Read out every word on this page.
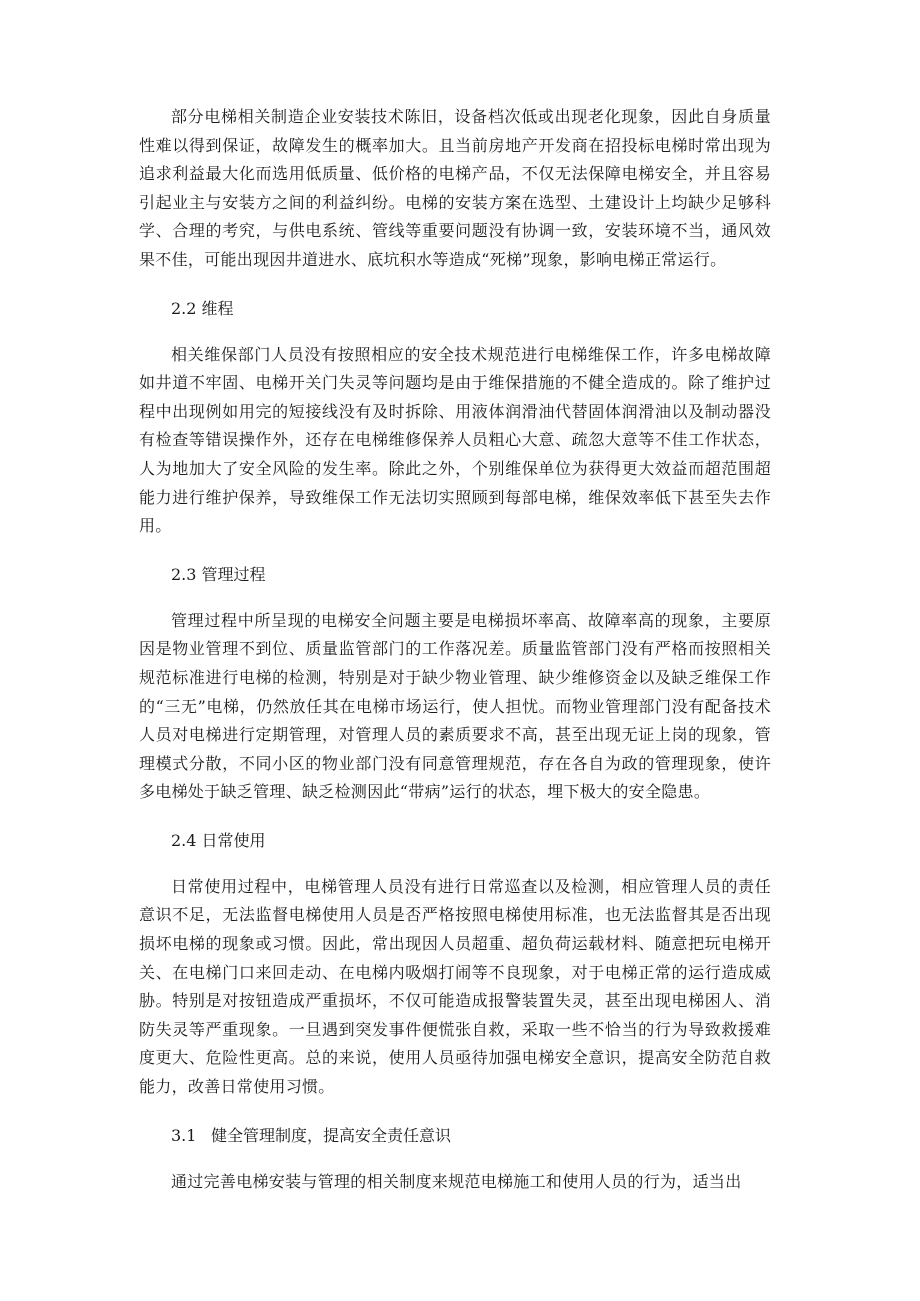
部分电梯相关制造企业安装技术陈旧，设备档次低或出现老化现象，因此自身质量性难以得到保证，故障发生的概率加大。且当前房地产开发商在招投标电梯时常出现为追求利益最大化而选用低质量、低价格的电梯产品，不仅无法保障电梯安全，并且容易引起业主与安装方之间的利益纠纷。电梯的安装方案在选型、土建设计上均缺少足够科学、合理的考究，与供电系统、管线等重要问题没有协调一致，安装环境不当，通风效果不佳，可能出现因井道进水、底坑积水等造成“死梯”现象，影响电梯正常运行。

2.2 维程

相关维保部门人员没有按照相应的安全技术规范进行电梯维保工作，许多电梯故障如井道不牢固、电梯开关门失灵等问题均是由于维保措施的不健全造成的。除了维护过程中出现例如用完的短接线没有及时拆除、用液体润滑油代替固体润滑油以及制动器没有检查等错误操作外，还存在电梯维修保养人员粗心大意、疏忽大意等不佳工作状态，人为地加大了安全风险的发生率。除此之外，个别维保单位为获得更大效益而超范围超能力进行维护保养，导致维保工作无法切实照顾到每部电梯，维保效率低下甚至失去作用。

2.3 管理过程

管理过程中所呈现的电梯安全问题主要是电梯损坏率高、故障率高的现象，主要原因是物业管理不到位、质量监管部门的工作落况差。质量监管部门没有严格而按照相关规范标准进行电梯的检测，特别是对于缺少物业管理、缺少维修资金以及缺乏维保工作的“三无”电梯，仍然放任其在电梯市场运行，使人担忧。而物业管理部门没有配备技术人员对电梯进行定期管理，对管理人员的素质要求不高，甚至出现无证上岗的现象，管理模式分散，不同小区的物业部门没有同意管理规范，存在各自为政的管理现象，使许多电梯处于缺乏管理、缺乏检测因此“带病”运行的状态，埋下极大的安全隐患。

2.4 日常使用

日常使用过程中，电梯管理人员没有进行日常巡查以及检测，相应管理人员的责任意识不足，无法监督电梯使用人员是否严格按照电梯使用标准，也无法监督其是否出现损坏电梯的现象或习惯。因此，常出现因人员超重、超负荷运载材料、随意把玩电梯开关、在电梯门口来回走动、在电梯内吸烟打闹等不良现象，对于电梯正常的运行造成威胁。特别是对按钮造成严重损坏，不仅可能造成报警装置失灵，甚至出现电梯困人、消防失灵等严重现象。一旦遇到突发事件便慌张自救，采取一些不恰当的行为导致救援难度更大、危险性更高。总的来说，使用人员亟待加强电梯安全意识，提高安全防范自救能力，改善日常使用习惯。

3.1 健全管理制度，提高安全责任意识

通过完善电梯安装与管理的相关制度来规范电梯施工和使用人员的行为，适当出
